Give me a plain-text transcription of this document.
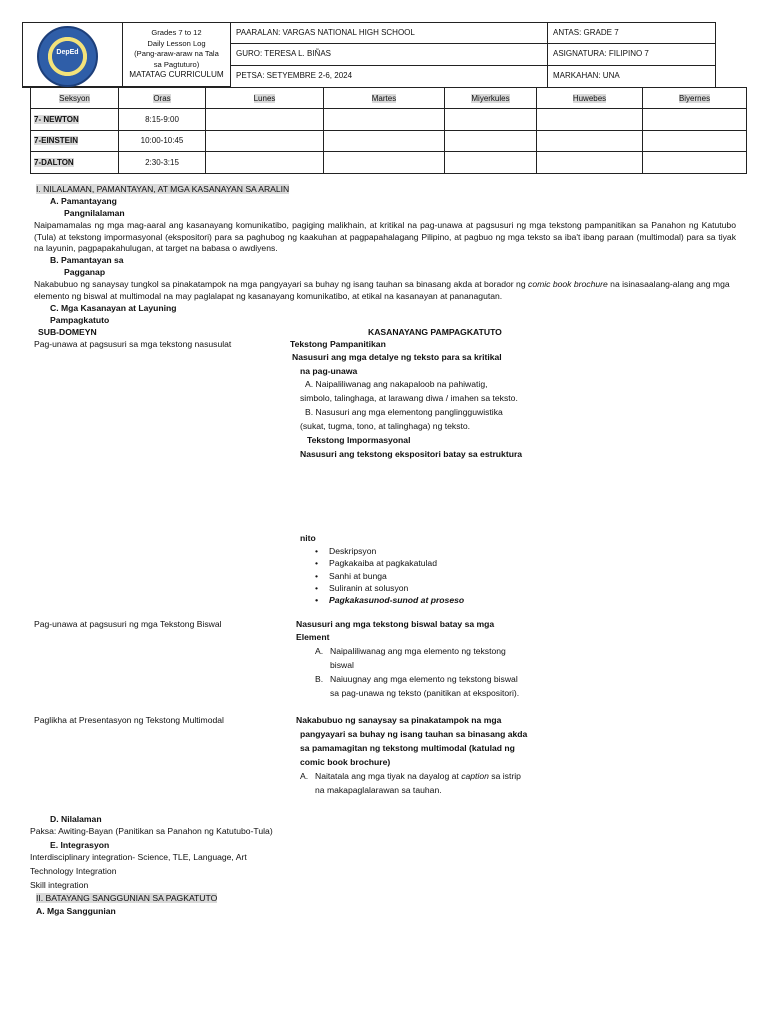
DepEd
Grades 7 to 12
Daily Lesson Log
(Pang-araw-araw na Tala
sa Pagtuturo)
MATATAG CURRICULUM
PAARALAN: VARGAS NATIONAL HIGH SCHOOL
GURO: TERESA L. BIÑAS
PETSA: SETYEMBRE 2-6, 2024
ANTAS: GRADE 7
ASIGNATURA: FILIPINO 7
MARKAHAN: UNA
Seksyon	Oras	Lunes	Martes	Miyerkules	Huwebes	Biyernes
7- NEWTON	8:15-9:00					
7-EINSTEIN	10:00-10:45					
7-DALTON	2:30-3:15					
I. NILALAMAN, PAMANTAYAN, AT MGA KASANAYAN SA ARALIN
A. Pamantayang
Pangnilalaman
Naipamamalas ng mga mag-aaral ang kasanayang komunikatibo, pagiging malikhain, at kritikal na pag-unawa at pagsusuri ng mga tekstong pampanitikan sa Panahon ng Katutubo (Tula) at tekstong impormasyonal (ekspositori) para sa paghubog ng kaakuhan at pagpapahalagang Pilipino, at pagbuo ng mga teksto sa iba't ibang paraan (multimodal) para sa tiyak na layunin, pagpapakahulugan, at target na babasa o awdiyens.
B. Pamantayan sa
Pagganap
Nakabubuo ng sanaysay tungkol sa pinakatampok na mga pangyayari sa buhay ng isang tauhan sa binasang akda at borador ng comic book brochure na isinasaalang-alang ang mga elemento ng biswal at multimodal na may paglalapat ng kasanayang komunikatibo, at etikal na kasanayan at pananagutan.
C. Mga Kasanayan at Layuning
Pampagkatuto
SUB-DOMEYN	KASANAYANG PAMPAGKATUTO
Pag-unawa at pagsusuri sa mga tekstong nasusulat	Tekstong Pampanitikan
Nasusuri ang mga detalye ng teksto para sa kritikal
na pag-unawa
A. Naipaliliwanag ang nakapaloob na pahiwatig,
simbolo, talinghaga, at larawang diwa / imahen sa teksto.
B. Nasusuri ang mga elementong panglingguwistika
(sukat, tugma, tono, at talinghaga) ng teksto.
Tekstong Impormasyonal
Nasusuri ang tekstong ekspositori batay sa estruktura
nito
• Deskripsyon
• Pagkakaiba at pagkakatulad
• Sanhi at bunga
• Suliranin at solusyon
• Pagkakasunod-sunod at proseso
Pag-unawa at pagsusuri ng mga Tekstong Biswal	Nasusuri ang mga tekstong biswal batay sa mga
Element
A. Naipaliliwanag ang mga elemento ng tekstong
biswal
B. Naiuugnay ang mga elemento ng tekstong biswal
sa pag-unawa ng teksto (panitikan at ekspositori).
Paglikha at Presentasyon ng Tekstong Multimodal	Nakabubuo ng sanaysay sa pinakatampok na mga
pangyayari sa buhay ng isang tauhan sa binasang akda
sa pamamagitan ng tekstong multimodal (katulad ng
comic book brochure)
A. Naitatala ang mga tiyak na dayalog at caption sa istrip
na makapaglalarawan sa tauhan.
D. Nilalaman
Paksa: Awiting-Bayan (Panitikan sa Panahon ng Katutubo-Tula)
E. Integrasyon
Interdisciplinary integration- Science, TLE, Language, Art
Technology Integration
Skill integration
II. BATAYANG SANGGUNIAN SA PAGKATUTO
A. Mga Sanggunian
